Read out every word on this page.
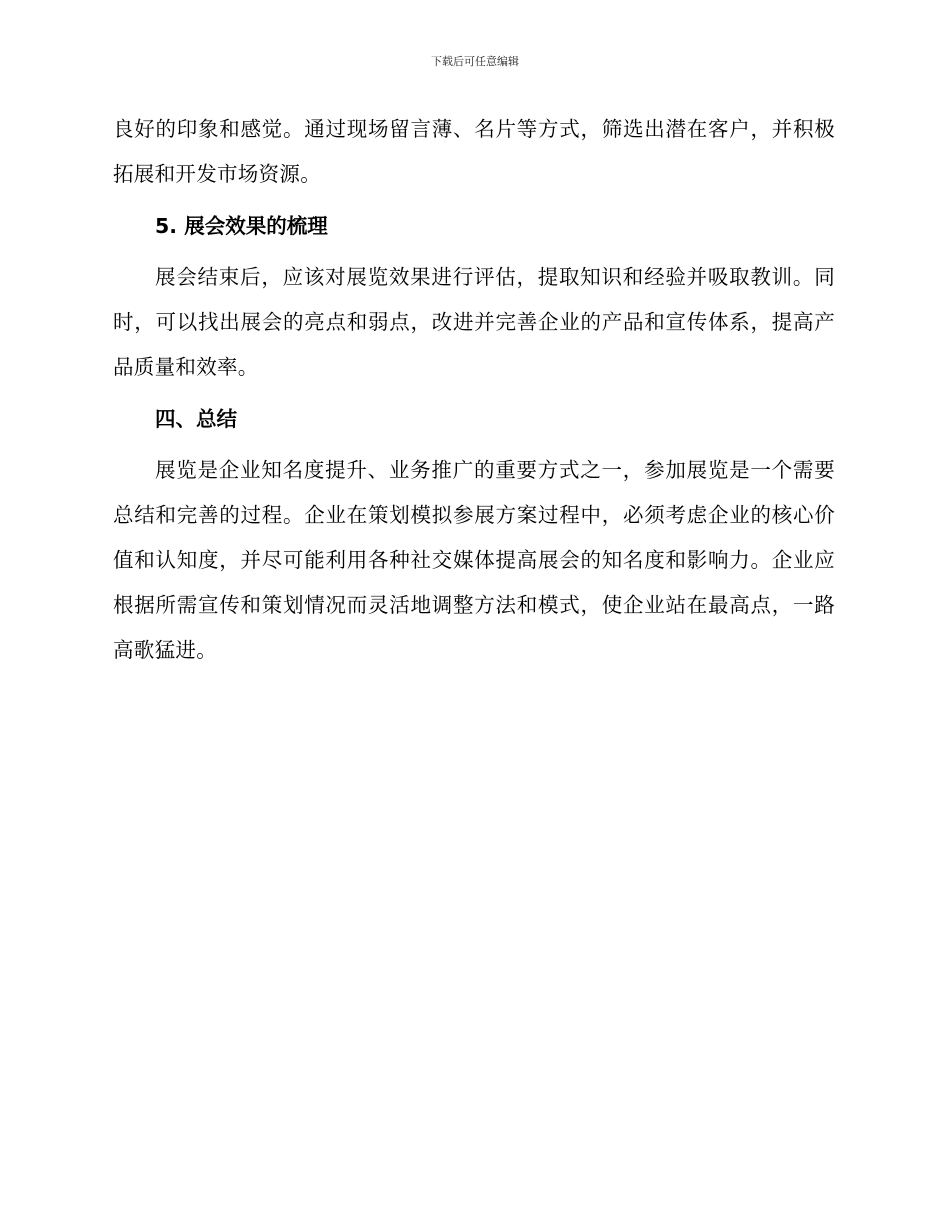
下载后可任意编辑

良好的印象和感觉。通过现场留言薄、名片等方式，筛选出潜在客户，并积极拓展和开发市场资源。

5. 展会效果的梳理

展会结束后，应该对展览效果进行评估，提取知识和经验并吸取教训。同时，可以找出展会的亮点和弱点，改进并完善企业的产品和宣传体系，提高产品质量和效率。

四、总结

展览是企业知名度提升、业务推广的重要方式之一，参加展览是一个需要总结和完善的过程。企业在策划模拟参展方案过程中，必须考虑企业的核心价值和认知度，并尽可能利用各种社交媒体提高展会的知名度和影响力。企业应根据所需宣传和策划情况而灵活地调整方法和模式，使企业站在最高点，一路高歌猛进。
